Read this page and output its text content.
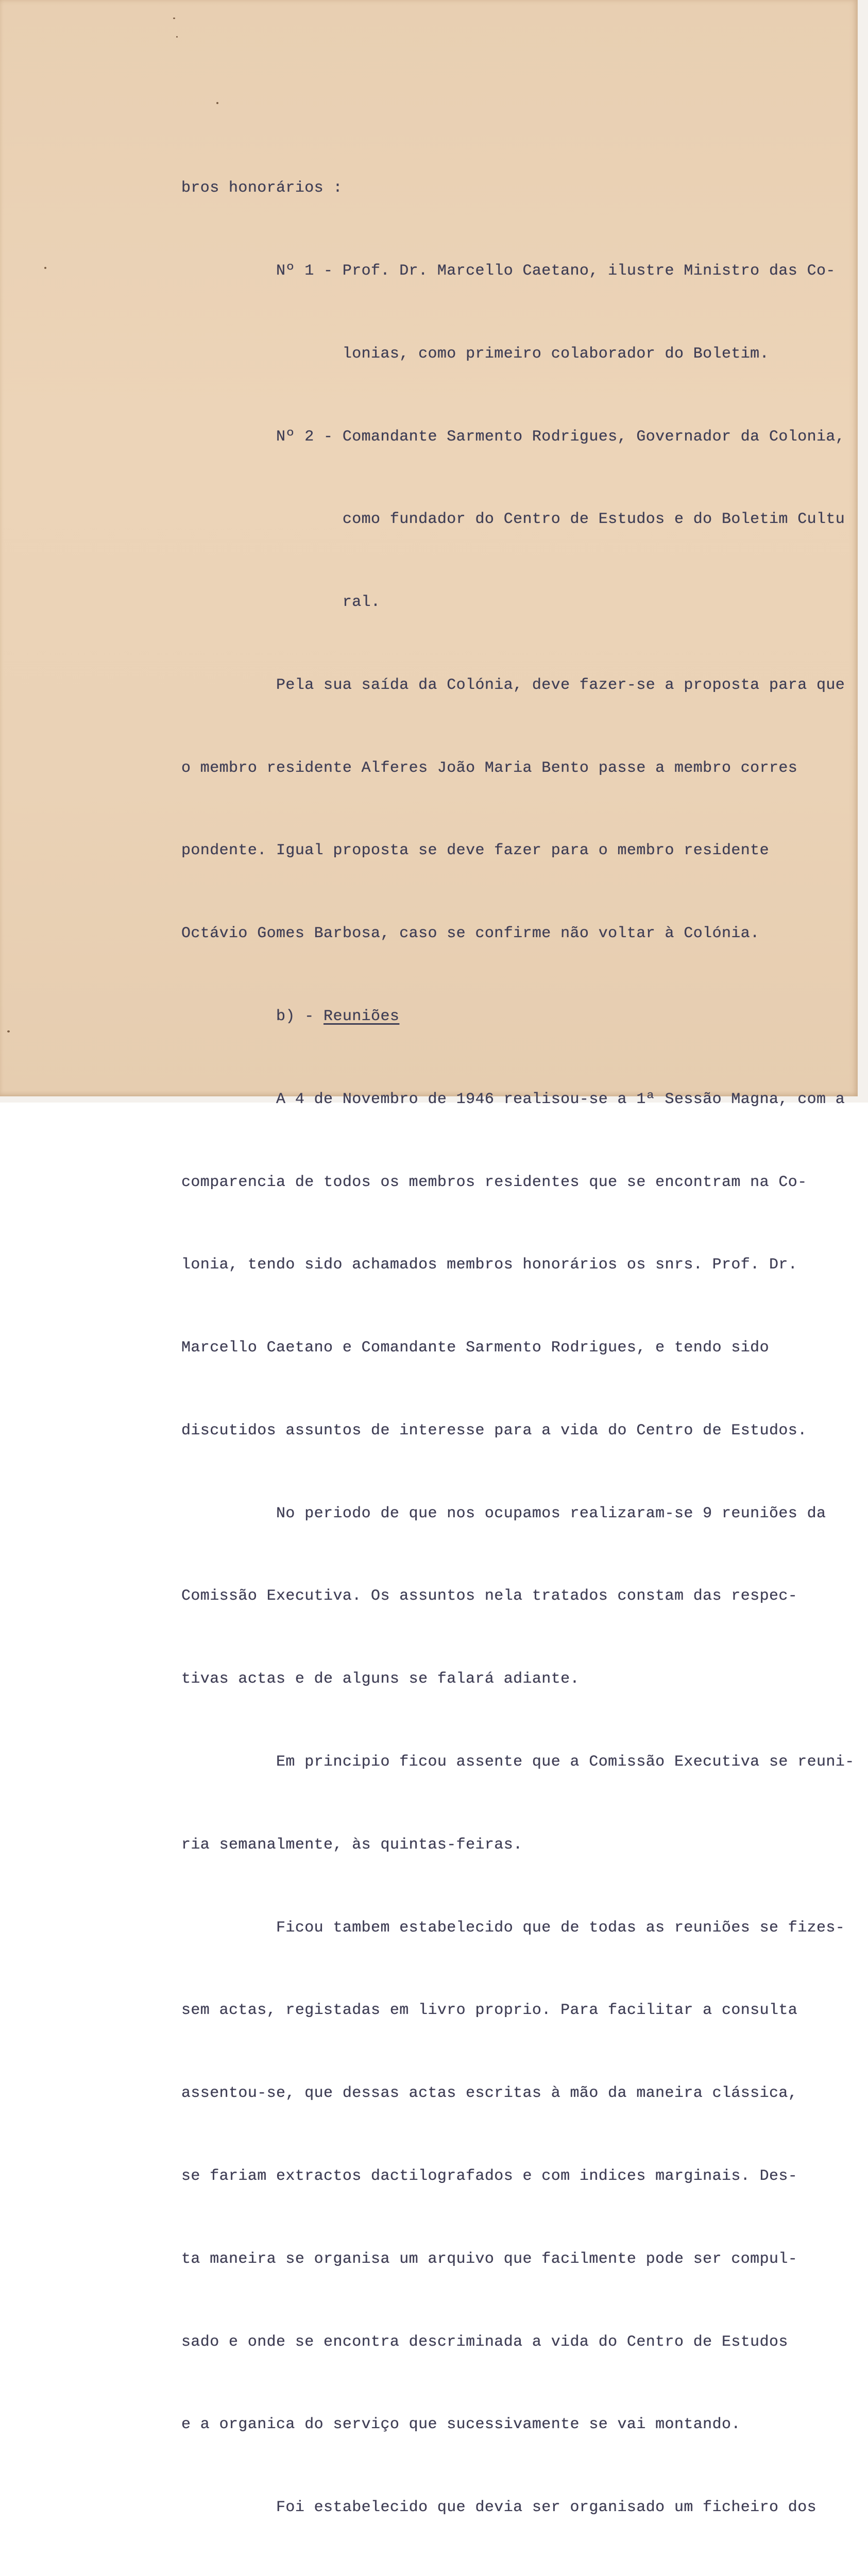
bros honorários :

Nº 1 - Prof. Dr. Marcello Caetano, ilustre Ministro das Co-

lonias, como primeiro colaborador do Boletim.

Nº 2 - Comandante Sarmento Rodrigues, Governador da Colonia,

como fundador do Centro de Estudos e do Boletim Cultu

ral.

Pela sua saída da Colónia, deve fazer-se a proposta para que

o membro residente Alferes João Maria Bento passe a membro corres

pondente. Igual proposta se deve fazer para o membro residente

Octávio Gomes Barbosa, caso se confirme não voltar à Colónia.

b) - Reuniões

A 4 de Novembro de 1946 realisou-se a 1ª Sessão Magna, com a

comparencia de todos os membros residentes que se encontram na Co-

lonia, tendo sido achamados membros honorários os snrs. Prof. Dr.

Marcello Caetano e Comandante Sarmento Rodrigues, e tendo sido

discutidos assuntos de interesse para a vida do Centro de Estudos.

No periodo de que nos ocupamos realizaram-se 9 reuniões da

Comissão Executiva. Os assuntos nela tratados constam das respec-

tivas actas e de alguns se falará adiante.

Em principio ficou assente que a Comissão Executiva se reuni-

ria semanalmente, às quintas-feiras.

Ficou tambem estabelecido que de todas as reuniões se fizes-

sem actas, registadas em livro proprio. Para facilitar a consulta

assentou-se, que dessas actas escritas à mão da maneira clássica,

se fariam extractos dactilografados e com indices marginais. Des-

ta maneira se organisa um arquivo que facilmente pode ser compul-

sado e onde se encontra descriminada a vida do Centro de Estudos

e a organica do serviço que sucessivamente se vai montando.

Foi estabelecido que devia ser organisado um ficheiro dos
